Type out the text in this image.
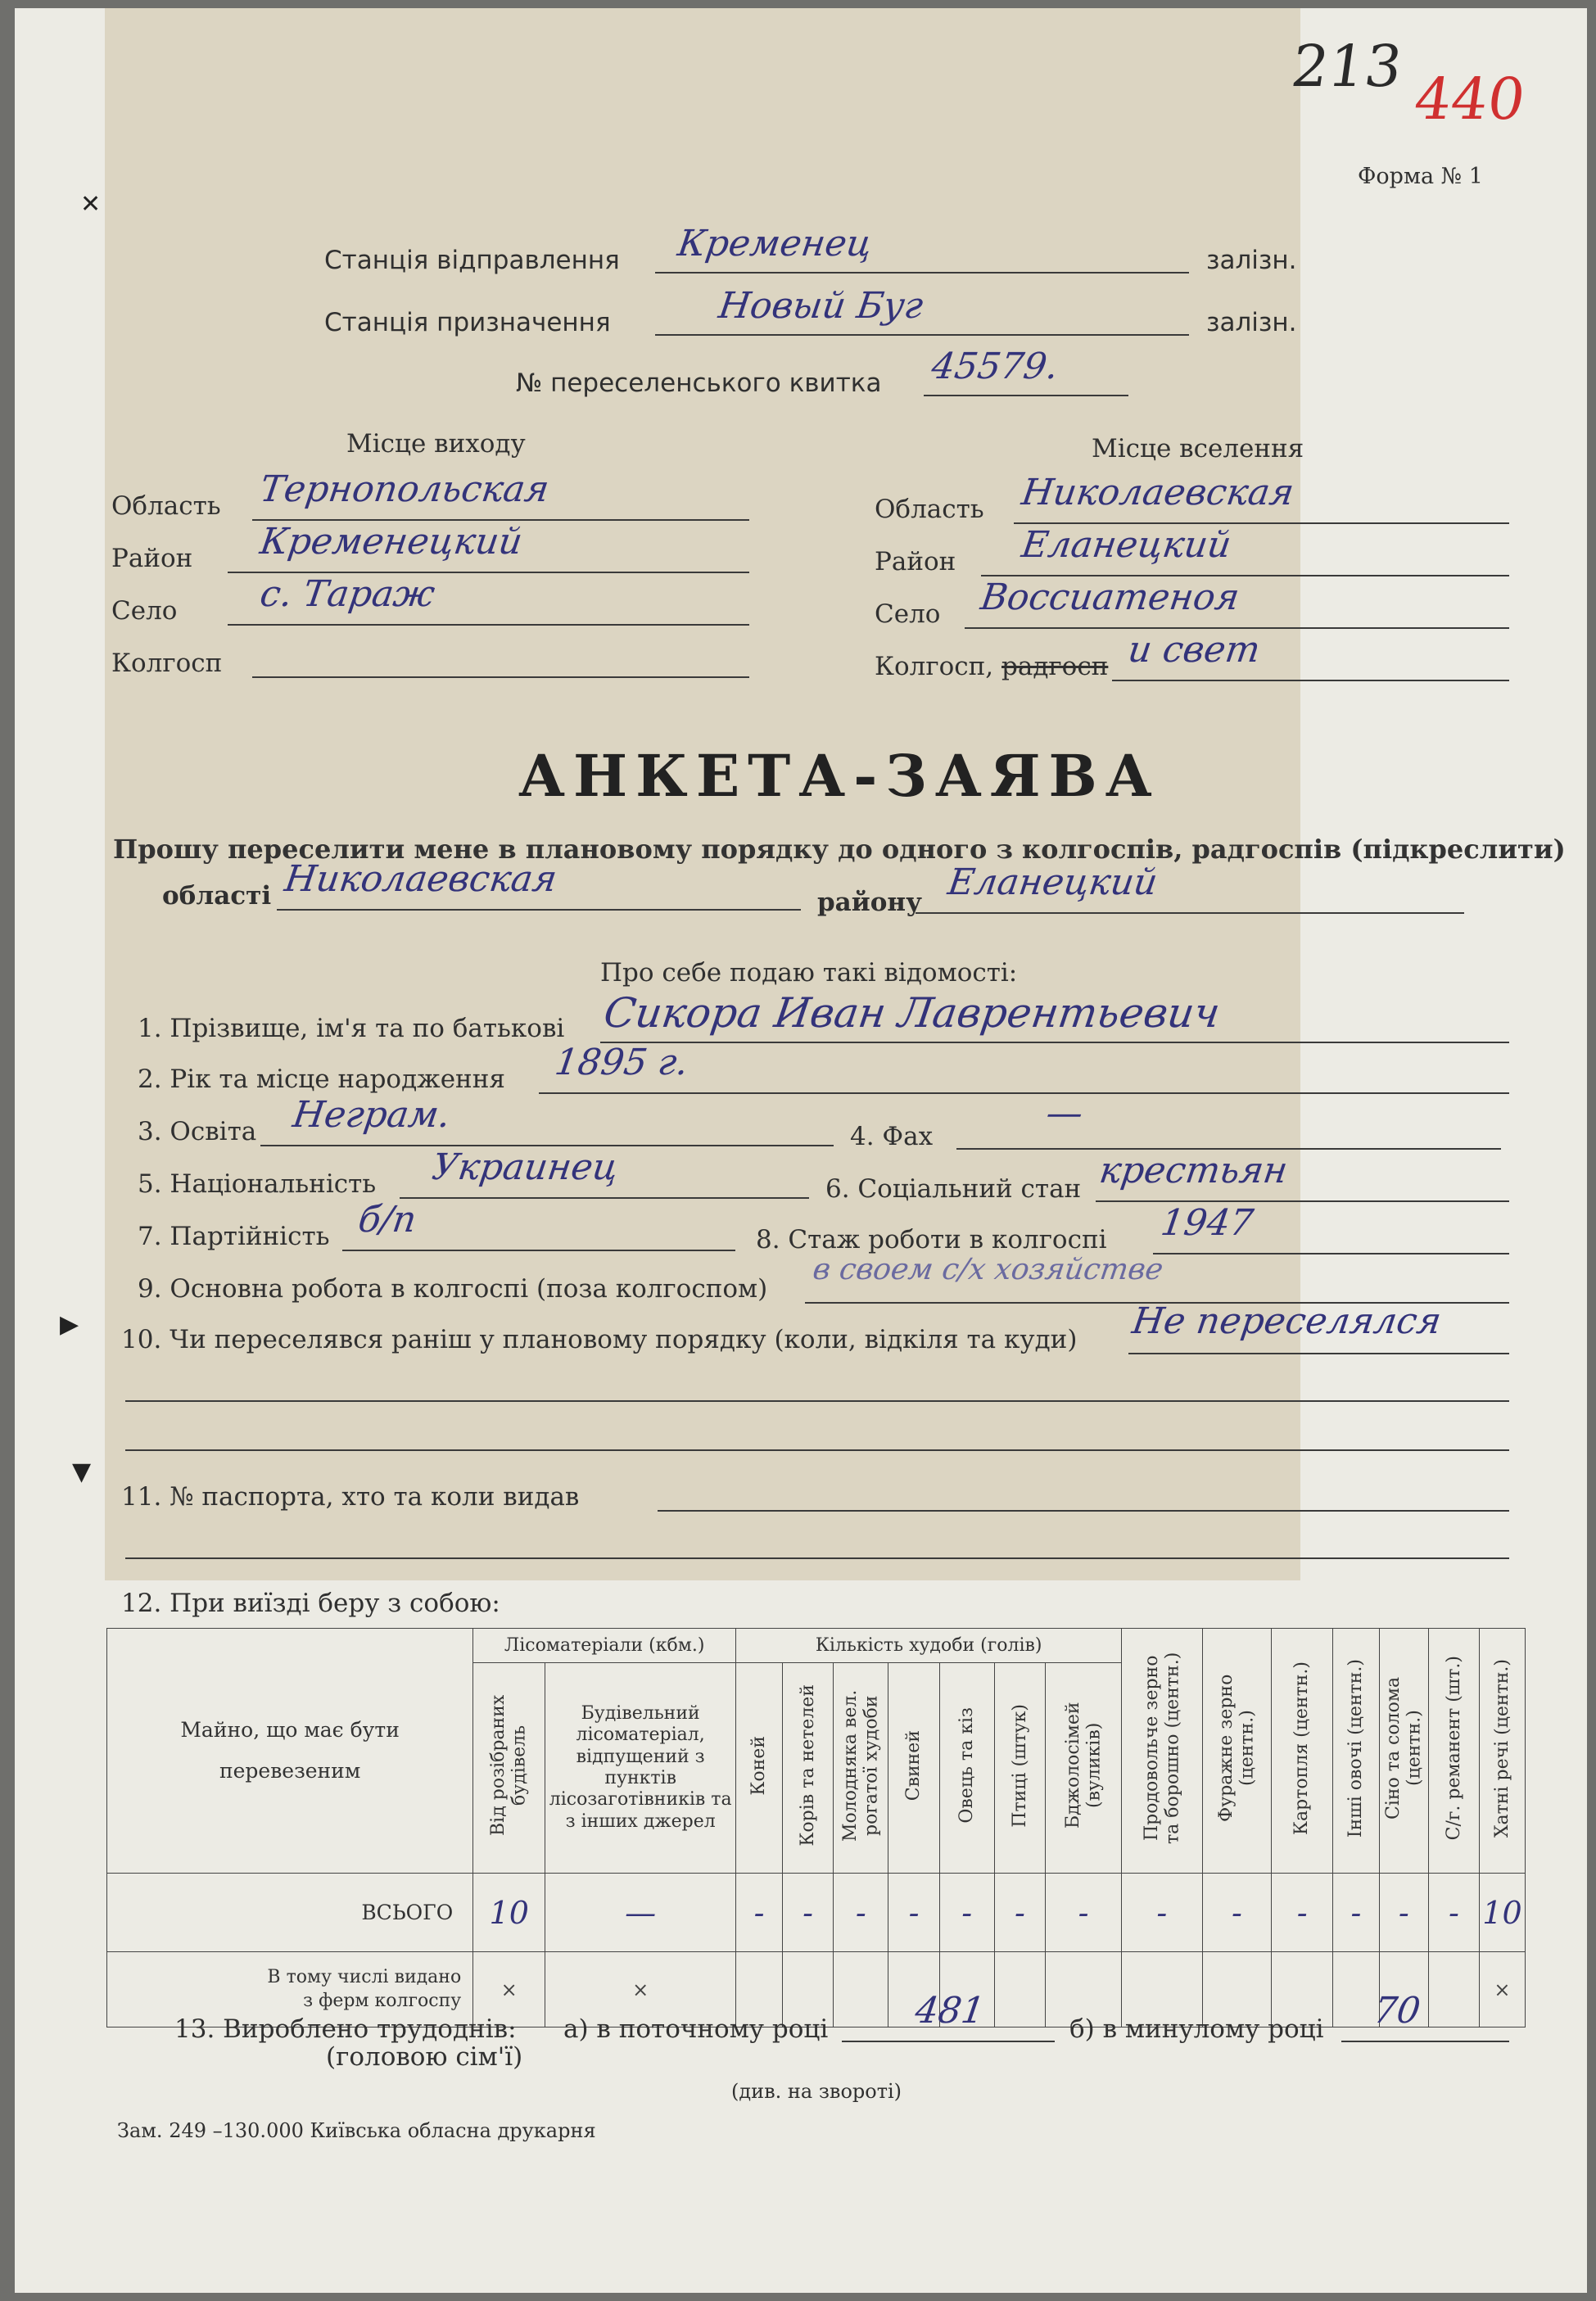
213 440
Форма № 1
✕
▶
▼
Станція відправлення Кременец	залізн.
Станція призначення	Новый Буг	залізн.
№ переселенського квитка 45579.
Місце виходу	Місце вселення
Область Тернопольская
Район Кременецкий
Село с. Тараж
Колгосп
Область Николаевская
Район Еланецкий
Село Воссиатеноя
Колгосп, радгосп и свет
АНКЕТА-ЗАЯВА
Прошу переселити мене в плановому порядку до одного з колгоспів, радгоспів (підкреслити)
області Николаевская
району Еланецкий
Про себе подаю такі відомості:
1. Прізвище, ім'я та по батькові Сикора Иван Лаврентьевич
2. Рік та місце народження 1895 г.
3. Освіта Неграм.
4. Фах
—
5. Національність Украинец
6. Соціальний стан крестьян
7. Партійність б/п	8. Стаж роботи в колгоспі 1947
9. Основна робота в колгоспі (поза колгоспом)
в своем с/х хозяйстве
10. Чи переселявся раніш у плановому порядку (коли, відкіля та куди) Не переселялся
11. № паспорта, хто та коли видав
12. При виїзді беру з собою:
Майно, що має бути перевезеним	Лісоматеріали (кбм.)		Кількість худоби (голів)							Продовольче зерно та борошно (центн.)	Фуражне зерно (центн.)	Картопля (центн.)	Інші овочі (центн.)	Сіно та солома (центн.)	С/г. реманент (шт.)	Хатні речі (центн.)
	Від розібраних будівель	Будівельний лісоматеріал, відпущений з пунктів лісозаготівників та з інших джерел	Коней	Корів та нетелей	Молодняка вел. рогатої худоби	Свиней	Овець та кіз	Птиці (штук)	Бджолосімей (вуликів)							
ВСЬОГО	10	—	-	-	-	-	-	-	-	-	-	-	-	-	-	10
В тому числі видано
з ферм колгоспу	×	×														×
13. Вироблено трудоднів:
(головою сім'ї)
а) в поточному році 481	б) в минулому році 70
(див. на звороті)
Зам. 249 –130.000 Київська обласна друкарня
